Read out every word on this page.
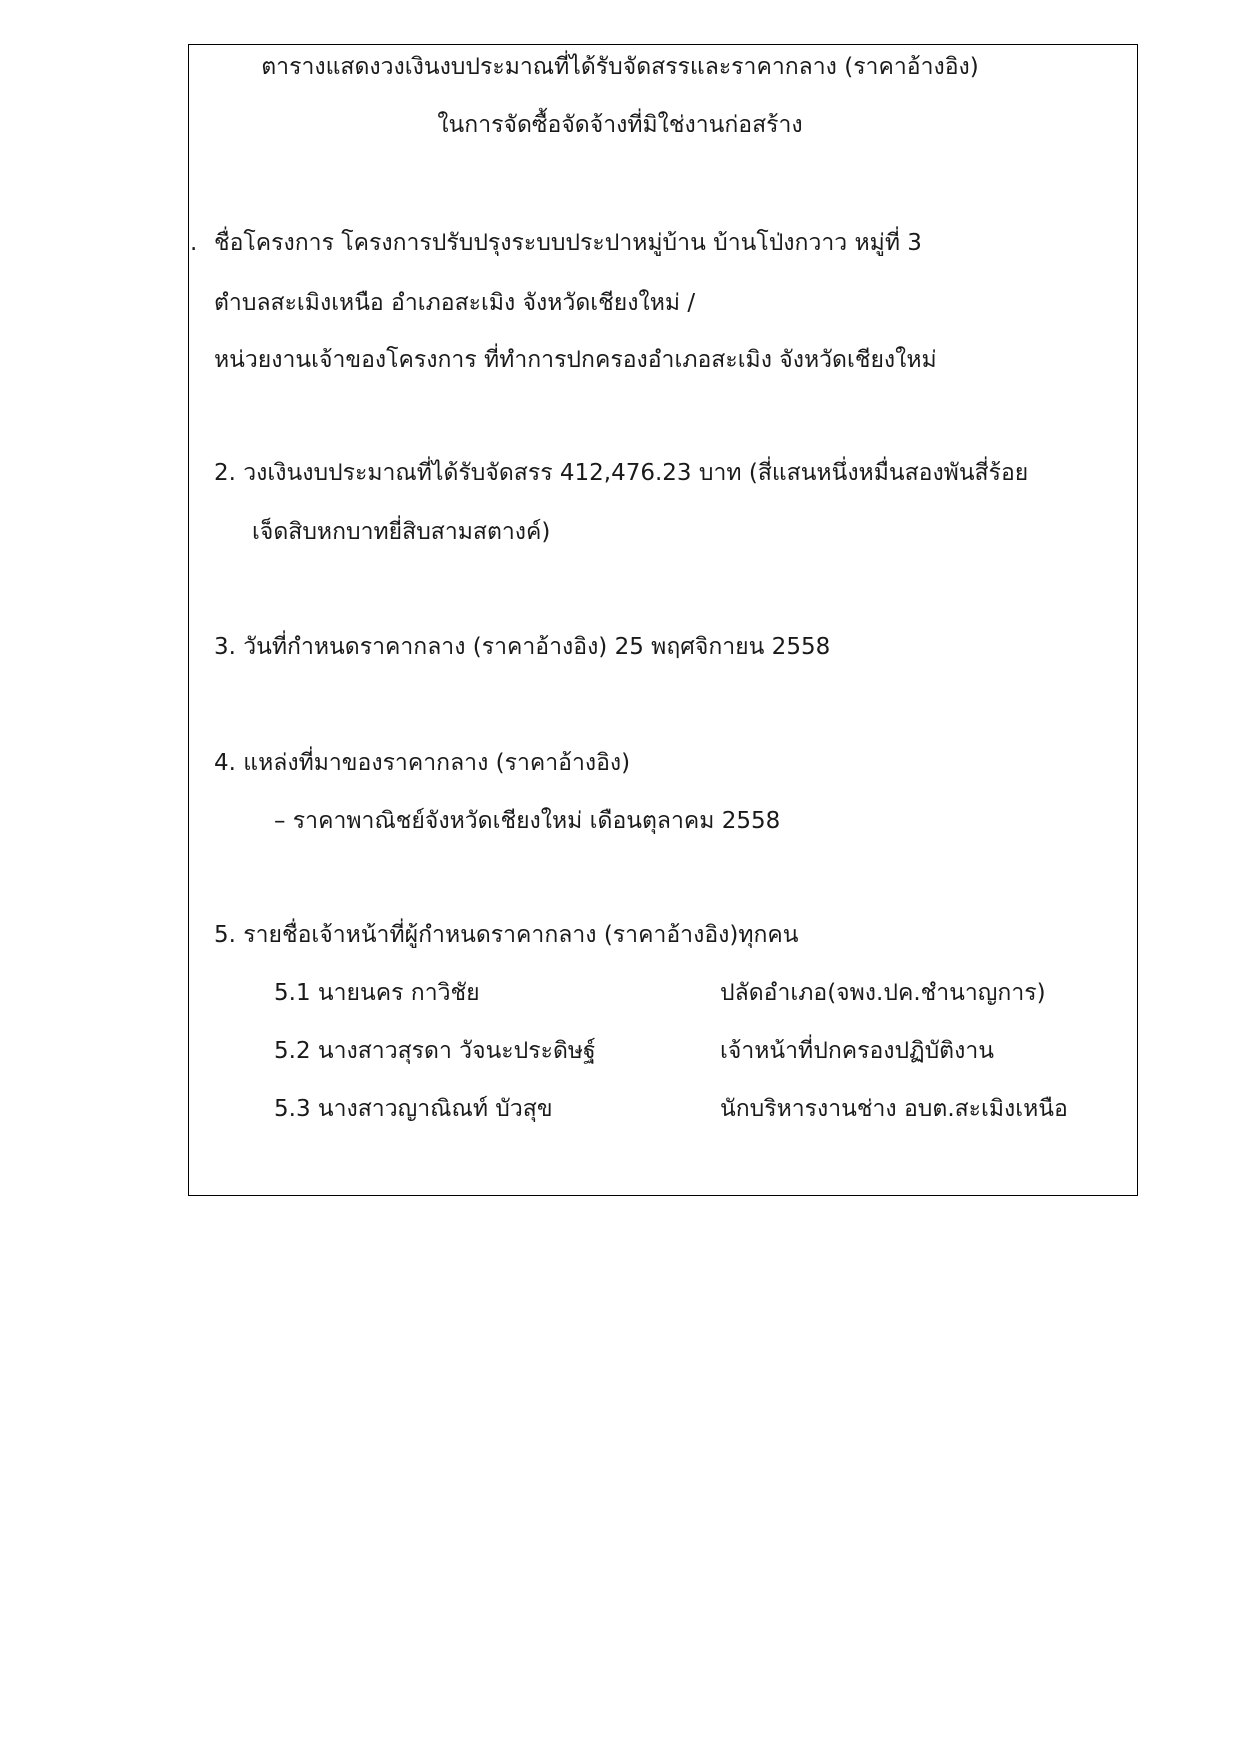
ตารางแสดงวงเงินงบประมาณที่ได้รับจัดสรรและราคากลาง (ราคาอ้างอิง)
ในการจัดซื้อจัดจ้างที่มิใช่งานก่อสร้าง
. ชื่อโครงการ โครงการปรับปรุงระบบประปาหมู่บ้าน บ้านโป่งกวาว หมู่ที่ 3
ตำบลสะเมิงเหนือ อำเภอสะเมิง จังหวัดเชียงใหม่ /
หน่วยงานเจ้าของโครงการ ที่ทำการปกครองอำเภอสะเมิง จังหวัดเชียงใหม่
2. วงเงินงบประมาณที่ได้รับจัดสรร 412,476.23 บาท (สี่แสนหนึ่งหมื่นสองพันสี่ร้อย
เจ็ดสิบหกบาทยี่สิบสามสตางค์)
3. วันที่กำหนดราคากลาง (ราคาอ้างอิง) 25 พฤศจิกายน 2558
4. แหล่งที่มาของราคากลาง (ราคาอ้างอิง)
– ราคาพาณิชย์จังหวัดเชียงใหม่ เดือนตุลาคม 2558
5. รายชื่อเจ้าหน้าที่ผู้กำหนดราคากลาง (ราคาอ้างอิง)ทุกคน
5.1 นายนคร กาวิชัย	ปลัดอำเภอ(จพง.ปค.ชำนาญการ)
5.2 นางสาวสุรดา วัจนะประดิษฐ์	เจ้าหน้าที่ปกครองปฏิบัติงาน
5.3 นางสาวญาณิณท์ บัวสุข	นักบริหารงานช่าง อบต.สะเมิงเหนือ
